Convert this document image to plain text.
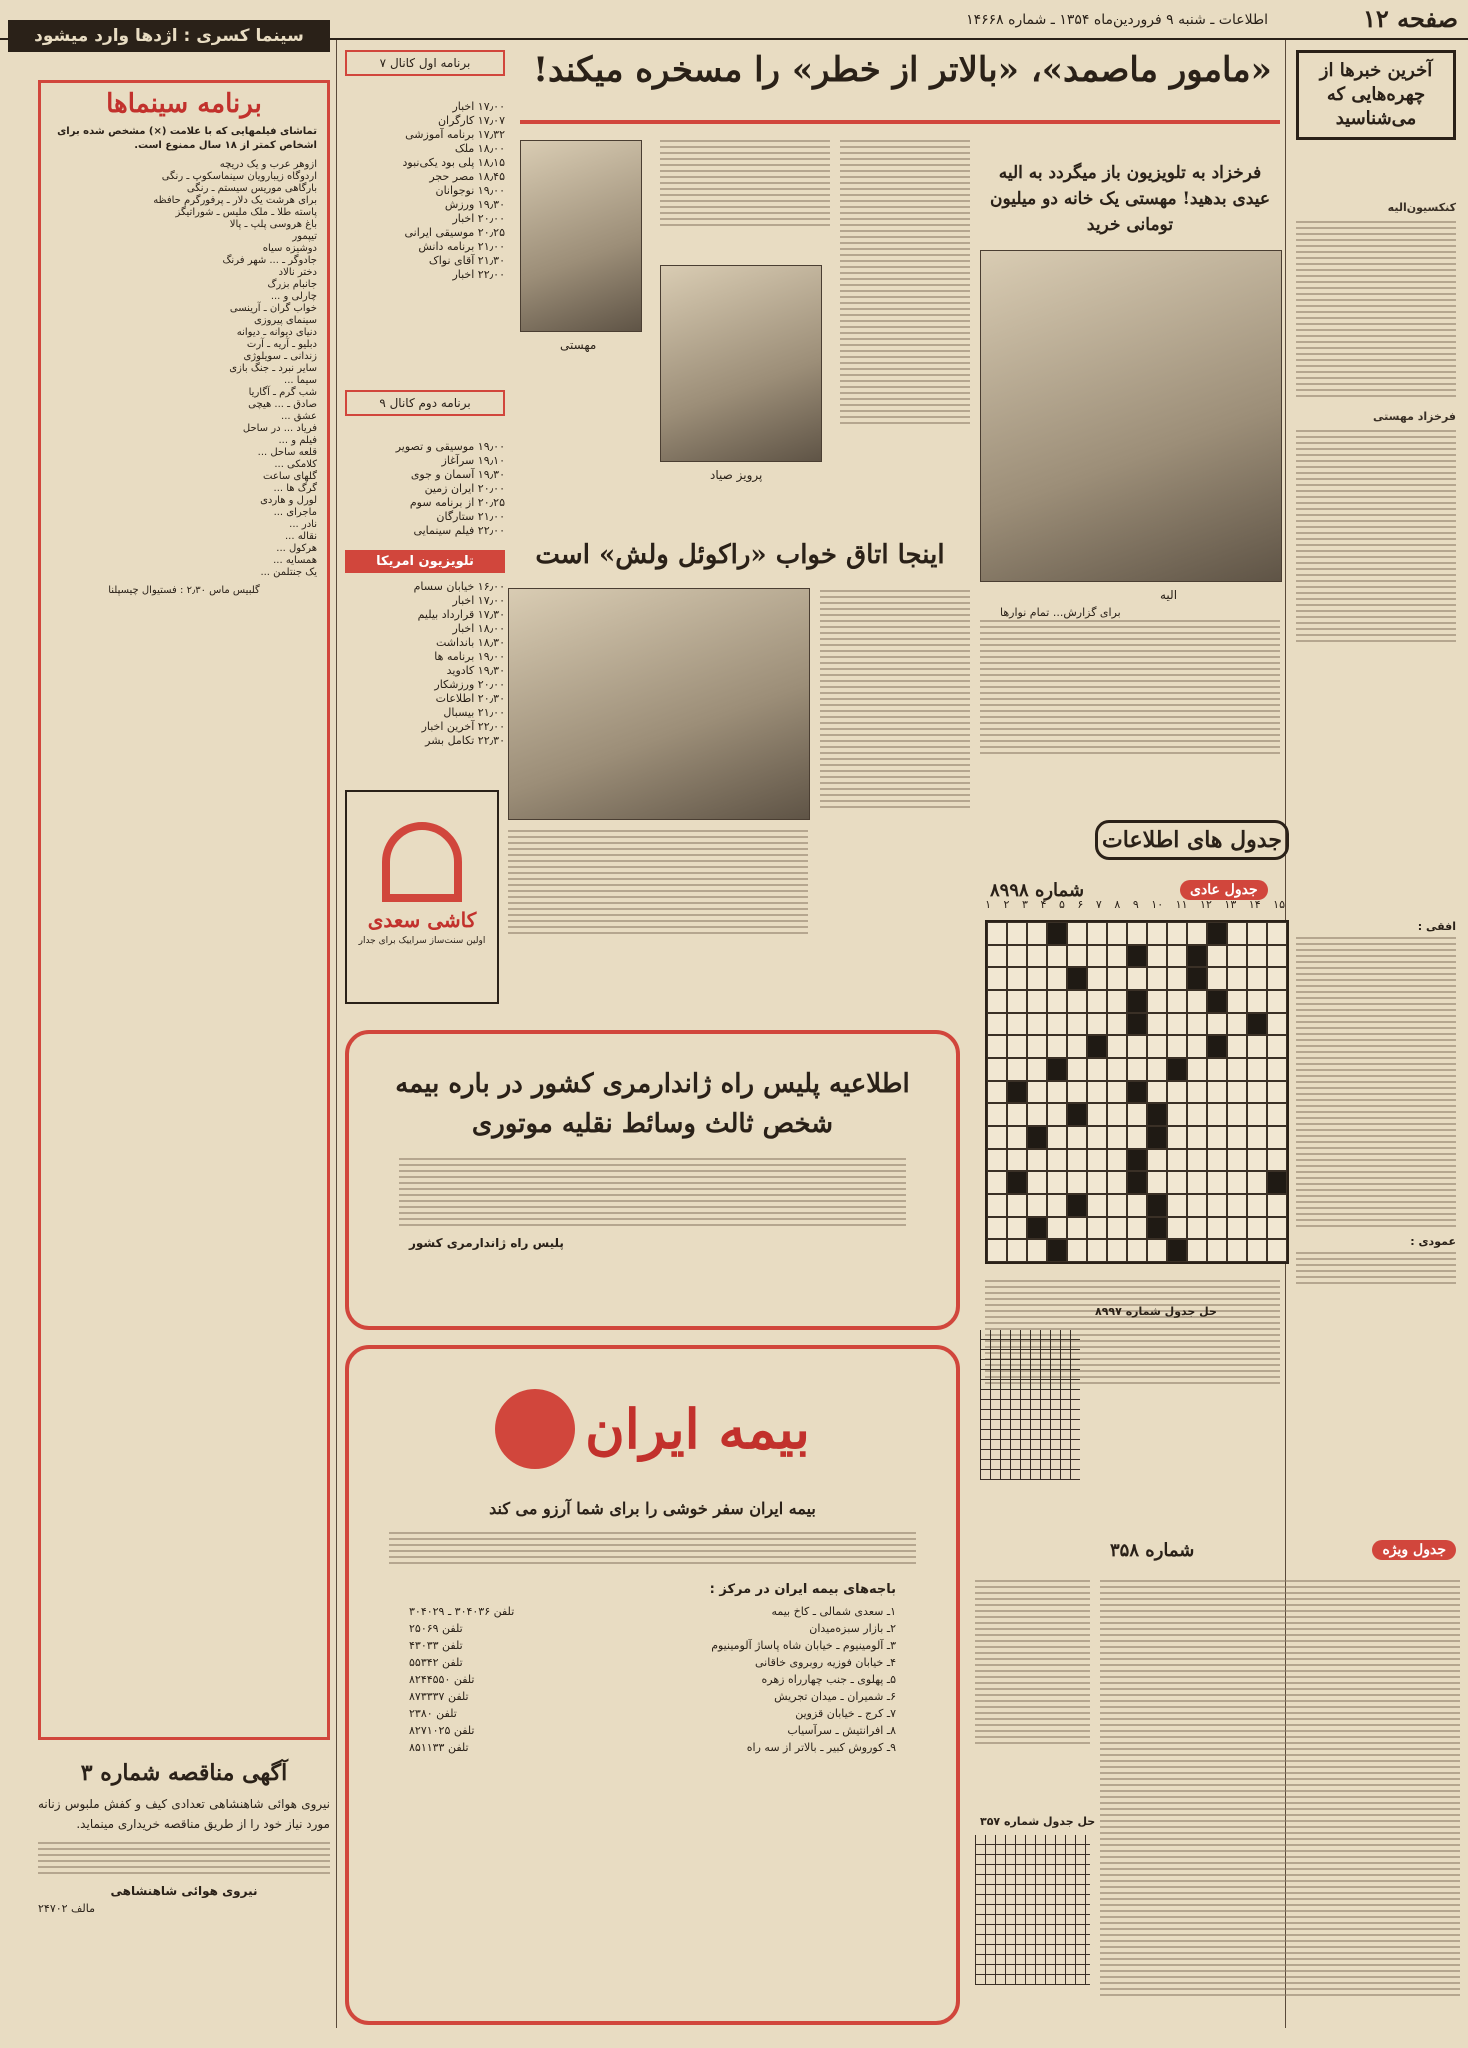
صفحه ۱۲
اطلاعات ـ شنبه ۹ فروردین‌ماه ۱۳۵۴ ـ شماره ۱۴۶۶۸
آخرین خبرها از چهره‌هایی که می‌شناسید
کنکسیون‌الیه
فرخزاد مهستی
«مامور ماصمد»، «بالاتر از خطر» را مسخره میکند!
فرخزاد به تلویزیون باز میگردد به الیه عیدی بدهید! مهستی یک خانه دو میلیون تومانی خرید
مهستی
پرویز صیاد
الیه
برای گزارش... تمام نوارها
اینجا اتاق خواب «راکوئل ولش» است
برنامه اول کانال ۷
۱۷٫۰۰ اخبار
۱۷٫۰۷ کارگران
۱۷٫۳۲ برنامه آموزشی
۱۸٫۰۰ ملک
۱۸٫۱۵ پلی بود یکی‌نبود
۱۸٫۴۵ مصر حجر
۱۹٫۰۰ نوجوانان
۱۹٫۳۰ ورزش
۲۰٫۰۰ اخبار
۲۰٫۲۵ موسیقی ایرانی
۲۱٫۰۰ برنامه دانش
۲۱٫۳۰ آقای نواک
۲۲٫۰۰ اخبار
برنامه دوم کانال ۹
۱۹٫۰۰ موسیقی و تصویر
۱۹٫۱۰ سرآغاز
۱۹٫۳۰ آسمان و جوی
۲۰٫۰۰ ایران زمین
۲۰٫۲۵ از برنامه سوم
۲۱٫۰۰ ستارگان
۲۲٫۰۰ فیلم سینمایی
تلویزیون امریکا
۱۶٫۰۰ خیابان سسام
۱۷٫۰۰ اخبار
۱۷٫۳۰ قرارداد بیلیم
۱۸٫۰۰ اخبار
۱۸٫۳۰ بانداشت
۱۹٫۰۰ برنامه ها
۱۹٫۳۰ کادوید
۲۰٫۰۰ ورزشکار
۲۰٫۳۰ اطلاعات
۲۱٫۰۰ بیسبال
۲۲٫۰۰ آخرین اخبار
۲۲٫۳۰ تکامل بشر
کاشی سعدی
اولین سنت‌ساز سراییک برای جدار
جدول های اطلاعات
شماره ۸۹۹۸	جدول عادی
۱ ۲ ۳ ۴ ۵ ۶ ۷ ۸ ۹ ۱۰ ۱۱ ۱۲ ۱۳ ۱۴ ۱۵
افقی :
عمودی :
حل جدول شماره ۸۹۹۷
شماره ۳۵۸	جدول ویژه
حل جدول شماره ۳۵۷
اطلاعیه پلیس راه ژاندارمری کشور در باره بیمه شخص ثالث وسائط نقلیه موتوری
پلیس راه ژاندارمری کشور
بیمه ایران
بیمه ایران سفر خوشی را برای شما آرزو می کند
باجه‌های بیمه ایران در مرکز :
۱ـ سعدی شمالی ـ کاخ بیمه
تلفن ۳۰۴۰۳۶ ـ ۳۰۴۰۲۹
۲ـ بازار سبزه‌میدان
تلفن ۲۵۰۶۹
۳ـ آلومینیوم ـ خیابان شاه پاساژ آلومینیوم
تلفن ۴۳۰۳۳
۴ـ خیابان فوزیه روبروی خاقانی
تلفن ۵۵۳۴۲
۵ـ پهلوی ـ جنب چهارراه زهره
تلفن ۸۲۴۴۵۵۰
۶ـ شمیران ـ میدان تجریش
تلفن ۸۷۳۳۳۷
۷ـ کرج ـ خیابان قزوین
تلفن ۲۳۸۰
۸ـ افرانتیش ـ سرآسیاب
تلفن ۸۲۷۱۰۲۵
۹ـ کوروش کبیر ـ بالاتر از سه راه
تلفن ۸۵۱۱۳۳
سینما کسری : اژدها وارد میشود
برنامه سینماها
تماشای فیلمهایی که با علامت (×) مشخص شده برای اشخاص کمتر از ۱۸ سال ممنوع است.
ازوهر عرب و یک دریچه
اردوگاه زیبارویان سینماسکوپ ـ رنگی
بارگاهی موریس سیستم ـ رنگی
برای هرشت یک دلار ـ پرفورگرم حافظه
پاسته طلا ـ ملک ملیس ـ شوراتیگز
باغ هروسی پلپ ـ پالا
تیپمور
دوشیزه سیاه
جادوگر ـ ... شهر فرنگ
دختر نالاد
جانبام بزرگ
چارلی و ...
خواب گران ـ آرینسی
سینمای پیروزی
دنیای دیوانه ـ دیوانه
دبلیو ـ آریه ـ آرت
زندانی ـ سویلوژی
سایر نبرد ـ جنگ بازی
سیما ...
شب گرم ـ آگاریا
صادق ـ ... هیچی
عشق ...
فریاد ... در ساحل
فیلم و ...
قلعه ساحل ...
کلامکی ...
گلهای ساعت
گرگ ها ...
لورل و هاردی
ماجرای ...
نادر ...
نقاله ...
هرکول ...
همسایه ...
یک جنتلمن ...
گلبیس ماس ۲٫۳۰ : فستیوال چیسپلنا
آگهی مناقصه شماره ۳
نیروی هوائی شاهنشاهی تعدادی کیف و کفش ملبوس زنانه مورد نیاز خود را از طریق مناقصه خریداری مینماید.
نیروی هوائی شاهنشاهی
مالف ۲۴۷۰۲
